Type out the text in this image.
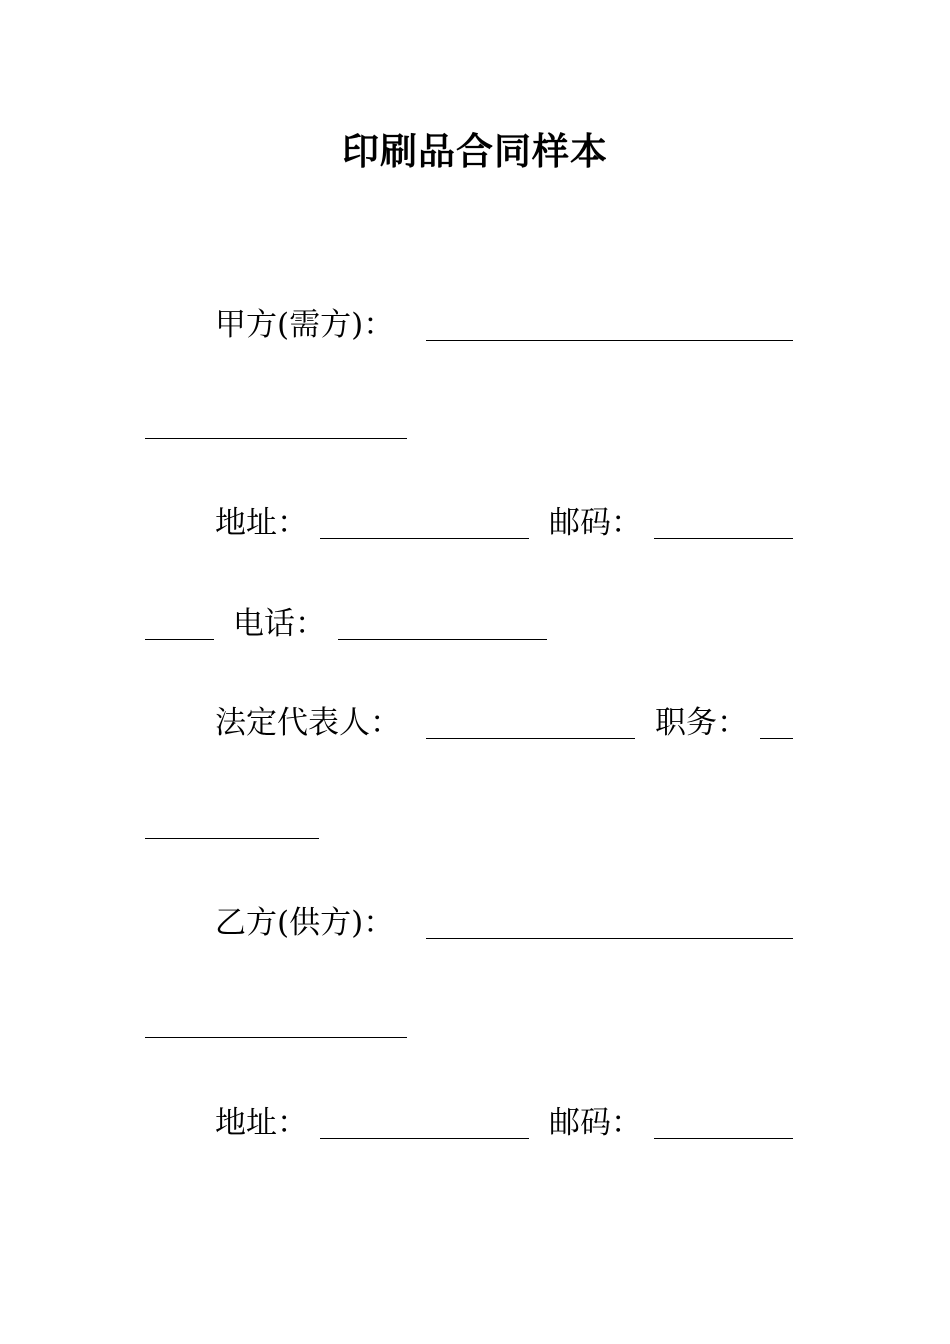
印刷品合同样本
甲方(需方)：
地址：	邮码：
电话：
法定代表人：	职务：
乙方(供方)：
地址：	邮码：
